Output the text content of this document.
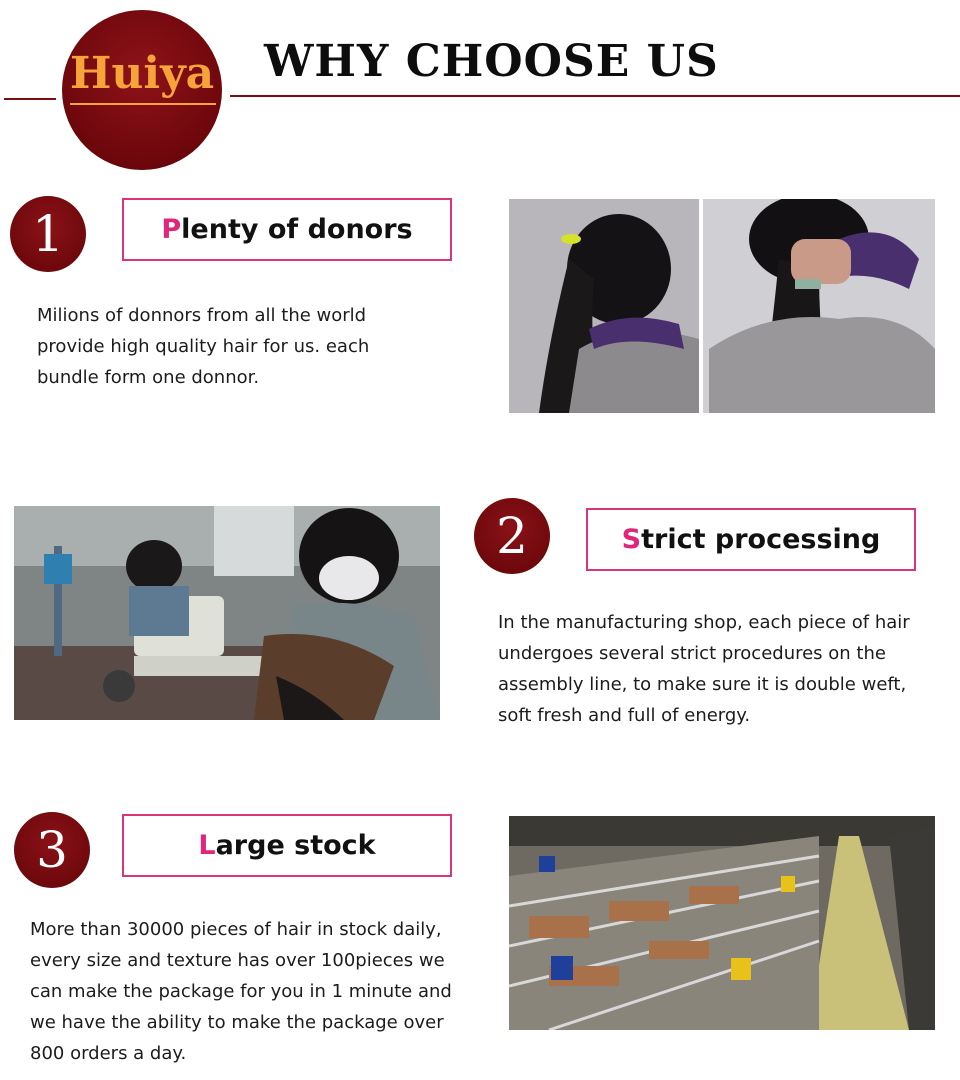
Huiya WHY CHOOSE US
1	P lenty of donors

Milions of donnors from all the world
provide high quality hair for us. each
bundle form one donnor.

2	S trict processing

In the manufacturing shop, each piece of hair
undergoes several strict procedures on the
assembly line, to make sure it is double weft,
soft fresh and full of energy.

3	L arge stock

More than 30000 pieces of hair in stock daily,
every size and texture has over 100pieces we
can make the package for you in 1 minute and
we have the ability to make the package over
800 orders a day.
